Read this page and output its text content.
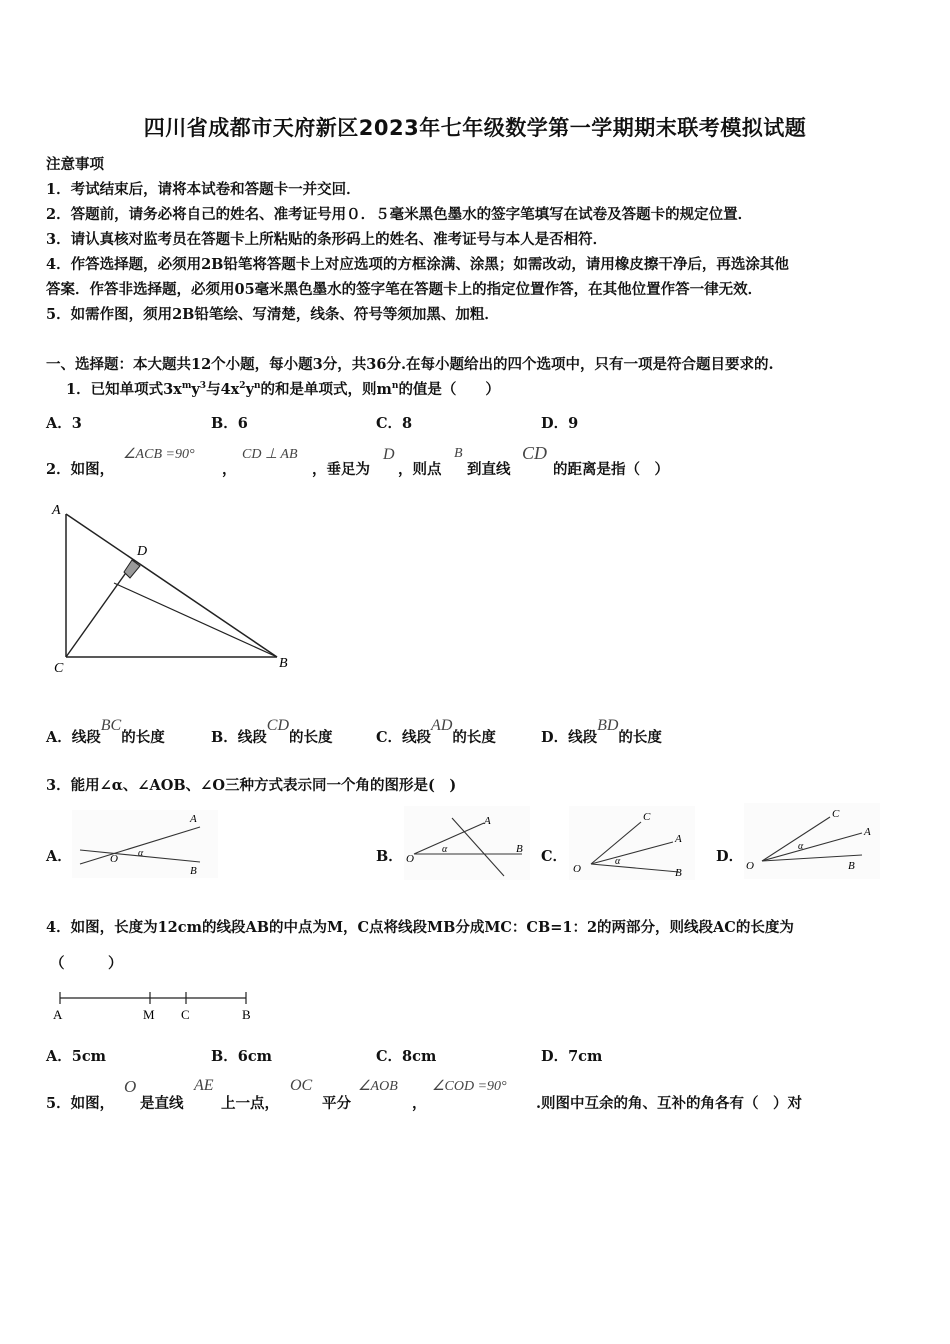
四川省成都市天府新区2023年七年级数学第一学期期末联考模拟试题
注意事项
1．考试结束后，请将本试卷和答题卡一并交回．
2．答题前，请务必将自己的姓名、准考证号用０．５毫米黑色墨水的签字笔填写在试卷及答题卡的规定位置．
3．请认真核对监考员在答题卡上所粘贴的条形码上的姓名、准考证号与本人是否相符．
4．作答选择题，必须用2B铅笔将答题卡上对应选项的方框涂满、涂黑；如需改动，请用橡皮擦干净后，再选涂其他
答案．作答非选择题，必须用05毫米黑色墨水的签字笔在答题卡上的指定位置作答，在其他位置作答一律无效．
5．如需作图，须用2B铅笔绘、写清楚，线条、符号等须加黑、加粗．
一、选择题：本大题共12个小题，每小题3分，共36分.在每小题给出的四个选项中，只有一项是符合题目要求的.
1．已知单项式$3x^my^3$与$4x^2y^n$的和是单项式，则$m^n$的值是（　　）
A．3	B．6	C．8	D．9
2．如图，
∠ACB =90°
，
CD ⊥ AB
，垂足为
D
，则点
B
到直线
CD
的距离是指（　）
A
D
C	B
A．线段BC的长度	B．线段CD的长度	C．线段AD的长度	D．线段BD的长度
3．能用∠α、∠AOB、∠O三种方式表示同一个角的图形是(　)
A．
A
O α
B
B．
A
O
α	B C．
C
A
O
α
B
D．
C
A
O
α
B
4．如图，长度为12cm的线段AB的中点为M，C点将线段MB分成MC：CB=1：2的两部分，则线段AC的长度为
（　　　）
A	M C	B
A．5cm	B．6cm	C．8cm	D．7cm
5．如图，
O
是直线
AE
上一点，
OC
平分
∠AOB
，
∠COD =90°
.则图中互余的角、互补的角各有（　）对
